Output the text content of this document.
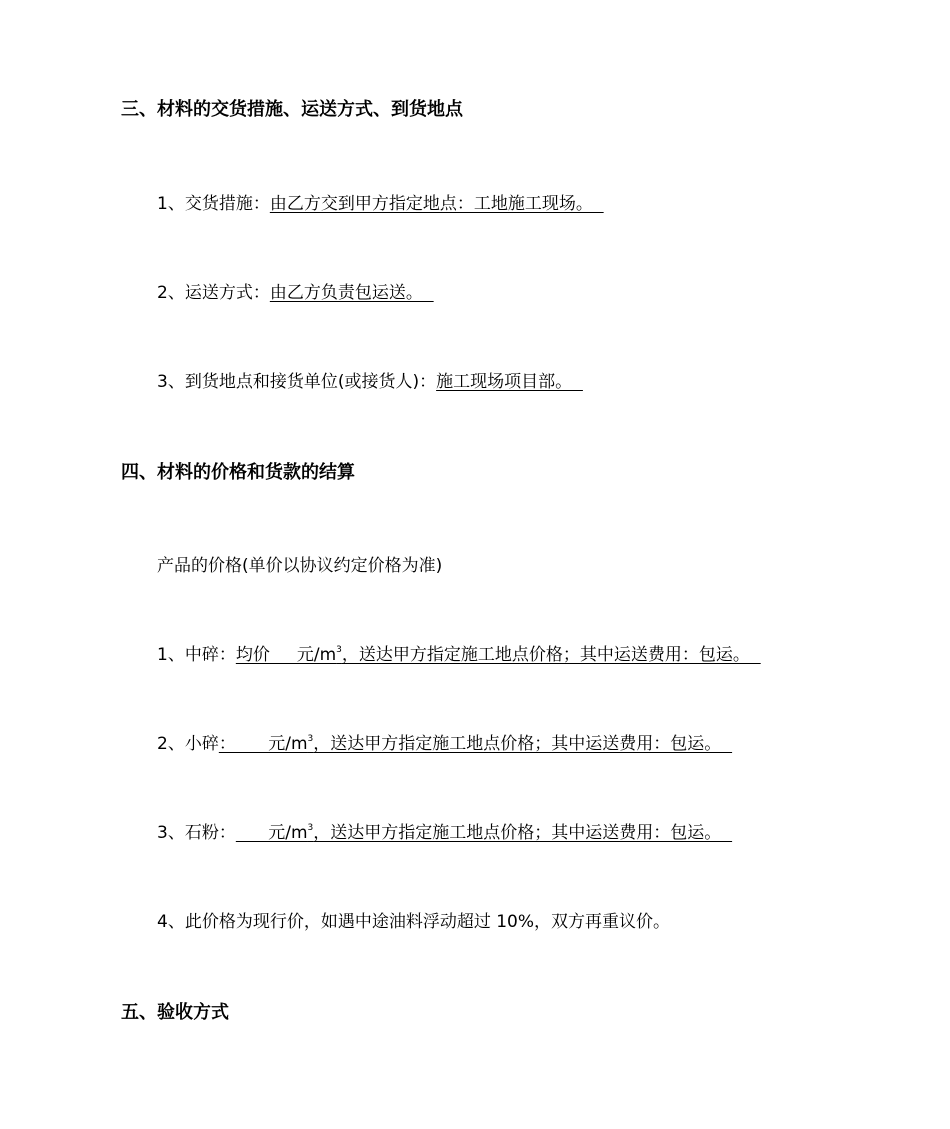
三、材料的交货措施、运送方式、到货地点
1、交货措施：由乙方交到甲方指定地点：工地施工现场。
2、运送方式：由乙方负责包运送。
3、到货地点和接货单位(或接货人)：施工现场项目部。
四、材料的价格和货款的结算
产品的价格(单价以协议约定价格为准)
1、中碎：均价     元$/m^3$，送达甲方指定施工地点价格；其中运送费用：包运。
2、小碎：      元$/m^3$，送达甲方指定施工地点价格；其中运送费用：包运。
3、石粉：      元$/m^3$，送达甲方指定施工地点价格；其中运送费用：包运。
4、此价格为现行价，如遇中途油料浮动超过 10%，双方再重议价。
五、验收方式
